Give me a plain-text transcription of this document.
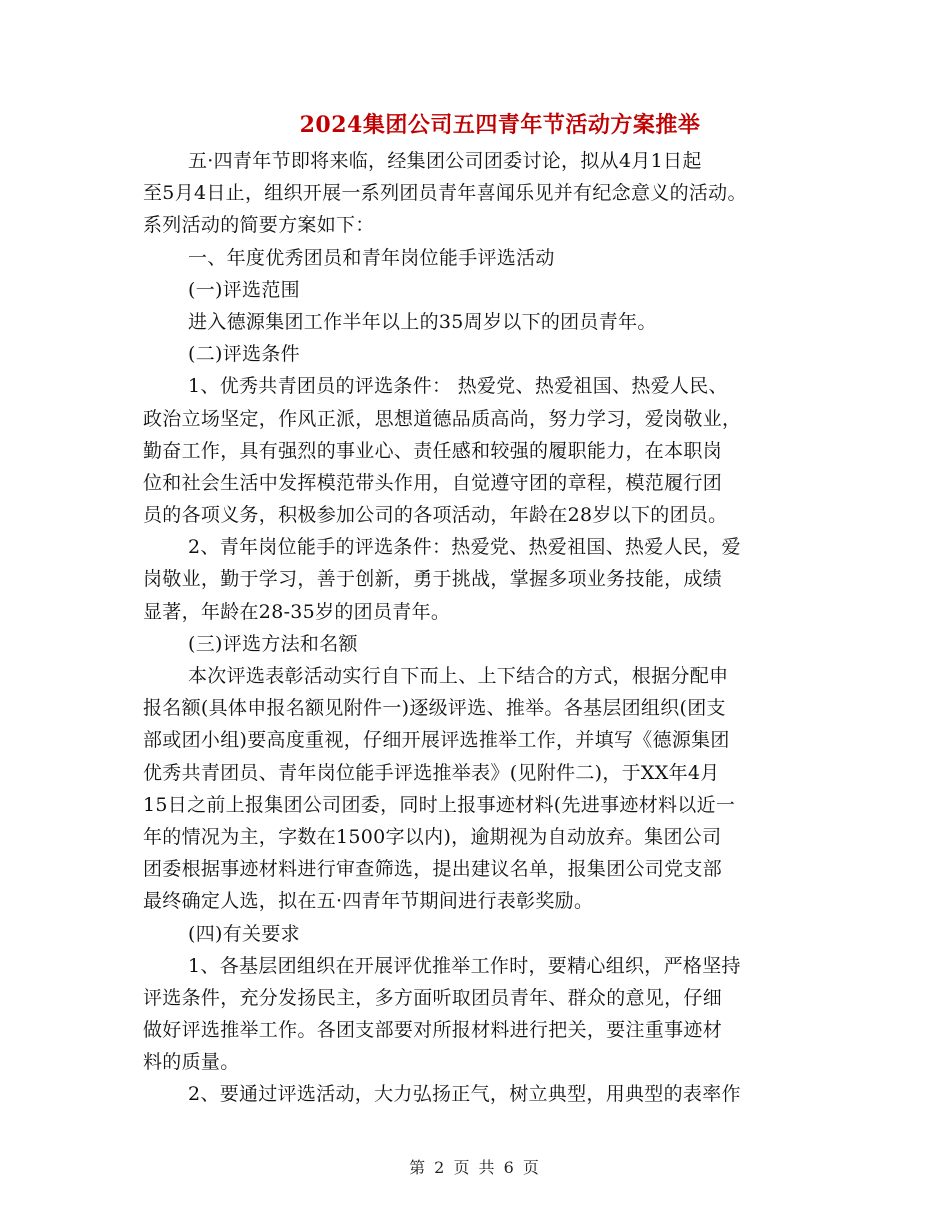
2024集团公司五四青年节活动方案推举
五·四青年节即将来临，经集团公司团委讨论，拟从4月1日起
至5月4日止，组织开展一系列团员青年喜闻乐见并有纪念意义的活动。
系列活动的简要方案如下：
一、年度优秀团员和青年岗位能手评选活动
(一)评选范围
进入德源集团工作半年以上的35周岁以下的团员青年。
(二)评选条件
1、优秀共青团员的评选条件： 热爱党、热爱祖国、热爱人民、
政治立场坚定，作风正派，思想道德品质高尚，努力学习，爱岗敬业，
勤奋工作，具有强烈的事业心、责任感和较强的履职能力，在本职岗
位和社会生活中发挥模范带头作用，自觉遵守团的章程，模范履行团
员的各项义务，积极参加公司的各项活动，年龄在28岁以下的团员。
2、青年岗位能手的评选条件：热爱党、热爱祖国、热爱人民，爱
岗敬业，勤于学习，善于创新，勇于挑战，掌握多项业务技能，成绩
显著，年龄在28-35岁的团员青年。
(三)评选方法和名额
本次评选表彰活动实行自下而上、上下结合的方式，根据分配申
报名额(具体申报名额见附件一)逐级评选、推举。各基层团组织(团支
部或团小组)要高度重视，仔细开展评选推举工作，并填写《德源集团
优秀共青团员、青年岗位能手评选推举表》(见附件二)，于XX年4月
15日之前上报集团公司团委，同时上报事迹材料(先进事迹材料以近一
年的情况为主，字数在1500字以内)，逾期视为自动放弃。集团公司
团委根据事迹材料进行审查筛选，提出建议名单，报集团公司党支部
最终确定人选，拟在五·四青年节期间进行表彰奖励。
(四)有关要求
1、各基层团组织在开展评优推举工作时，要精心组织，严格坚持
评选条件，充分发扬民主，多方面听取团员青年、群众的意见，仔细
做好评选推举工作。各团支部要对所报材料进行把关，要注重事迹材
料的质量。
2、要通过评选活动，大力弘扬正气，树立典型，用典型的表率作
第 2 页 共 6 页
